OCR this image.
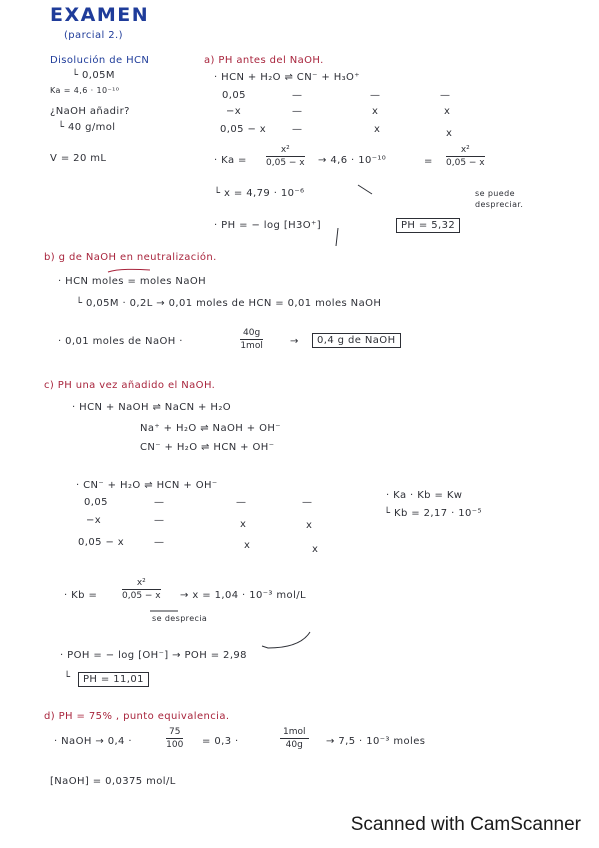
EXAMEN
(parcial 2.)
Disolución de HCN
└ 0,05M
Ka = 4,6 · 10⁻¹⁰
¿NaOH añadir?
└ 40 g/mol
V = 20 mL
a) PH antes del NaOH.
· HCN + H₂O ⇌ CN⁻ + H₃O⁺
0,05	—	—	—
−x	—	x	x
0,05 − x	—	x	x
· $Ka = \frac{\text{x²}}{0,05 - x} \to 4,6 \cdot 10^{-10}$	= $\frac{\text{x²}}{0,05 - x}$
se puede despreciar.
└ x = 4,79 · 10⁻⁶
· PH = − log [H3O⁺]	PH = 5,32
b) g de NaOH en neutralización.
· HCN moles = moles NaOH
└ 0,05M · 0,2L → 0,01 moles de HCN = 0,01 moles NaOH
· 0,01 moles de NaOH ·
40g
1mol	→	0,4 g de NaOH
c) PH una vez añadido el NaOH.
· HCN + NaOH ⇌ NaCN + H₂O
Na⁺ + H₂O ⇌ NaOH + OH⁻
CN⁻ + H₂O ⇌ HCN + OH⁻
· CN⁻ + H₂O ⇌ HCN + OH⁻
0,05	—	—	—
−x	—	x	x
0,05 − x	—	x	x
· Ka · Kb = Kw
└ Kb = 2,17 · 10⁻⁵
· Kb =	$\frac{\text{x²}}{0,05 - x} \to x = 1,04 \cdot 10^{-3}$ mol/L
se desprecia
· POH = − log [OH⁻] → POH = 2,98
└	PH = 11,01
d) PH = 75% , punto equivalencia.
· NaOH → 0,4 ·	$\frac{75}{100} = 0,3$ ·
1mol
40g	→ 7,5 · 10⁻³ moles
[NaOH] = 0,0375 mol/L
Scanned with CamScanner
